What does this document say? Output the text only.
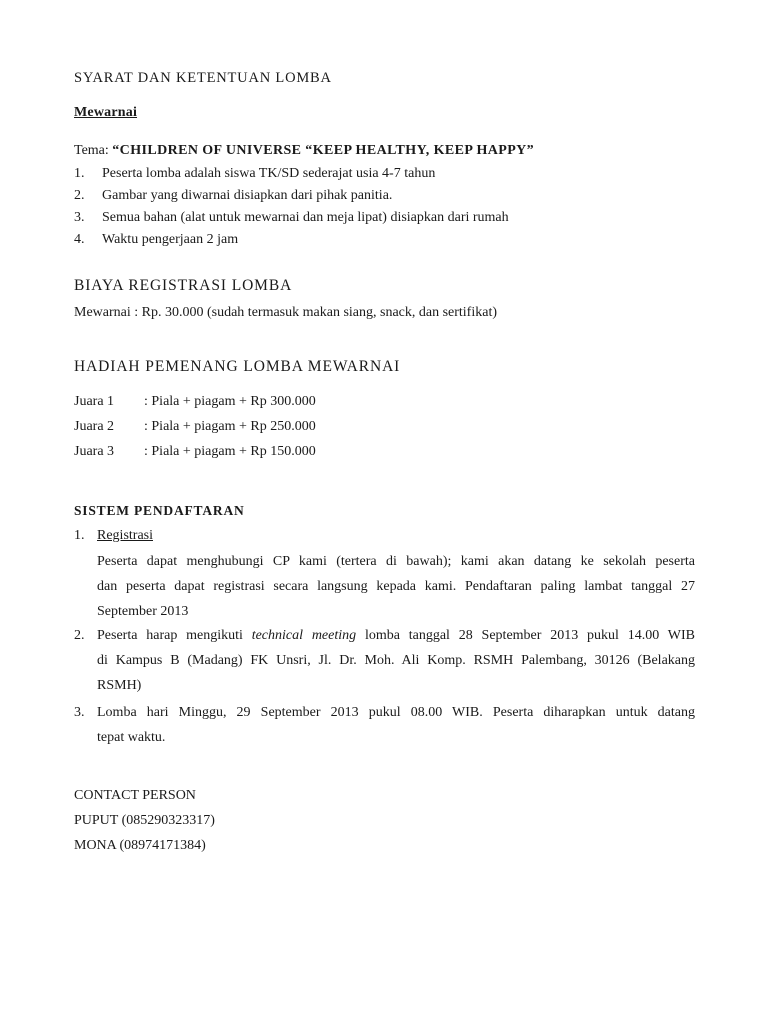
SYARAT DAN KETENTUAN LOMBA
Mewarnai
Tema: “CHILDREN OF UNIVERSE “KEEP HEALTHY, KEEP HAPPY”
1. Peserta lomba adalah siswa TK/SD sederajat usia 4-7 tahun
2. Gambar yang diwarnai disiapkan dari pihak panitia.
3. Semua bahan (alat untuk mewarnai dan meja lipat) disiapkan dari rumah
4. Waktu pengerjaan 2 jam
BIAYA REGISTRASI LOMBA
Mewarnai : Rp. 30.000 (sudah termasuk makan siang, snack, dan sertifikat)
HADIAH PEMENANG LOMBA MEWARNAI
Juara 1 : Piala + piagam + Rp 300.000
Juara 2 : Piala + piagam + Rp 250.000
Juara 3 : Piala + piagam + Rp 150.000
SISTEM PENDAFTARAN
1. Registrasi
Peserta dapat menghubungi CP kami (tertera di bawah); kami akan datang ke sekolah peserta
dan peserta dapat registrasi secara langsung kepada kami. Pendaftaran paling lambat tanggal 27
September 2013
2. Peserta harap mengikuti technical meeting lomba tanggal 28 September 2013 pukul 14.00 WIB
di Kampus B (Madang) FK Unsri, Jl. Dr. Moh. Ali Komp. RSMH Palembang, 30126 (Belakang
RSMH)
3. Lomba hari Minggu, 29 September 2013 pukul 08.00 WIB. Peserta diharapkan untuk datang
tepat waktu.
CONTACT PERSON
PUPUT (085290323317)
MONA (08974171384)
